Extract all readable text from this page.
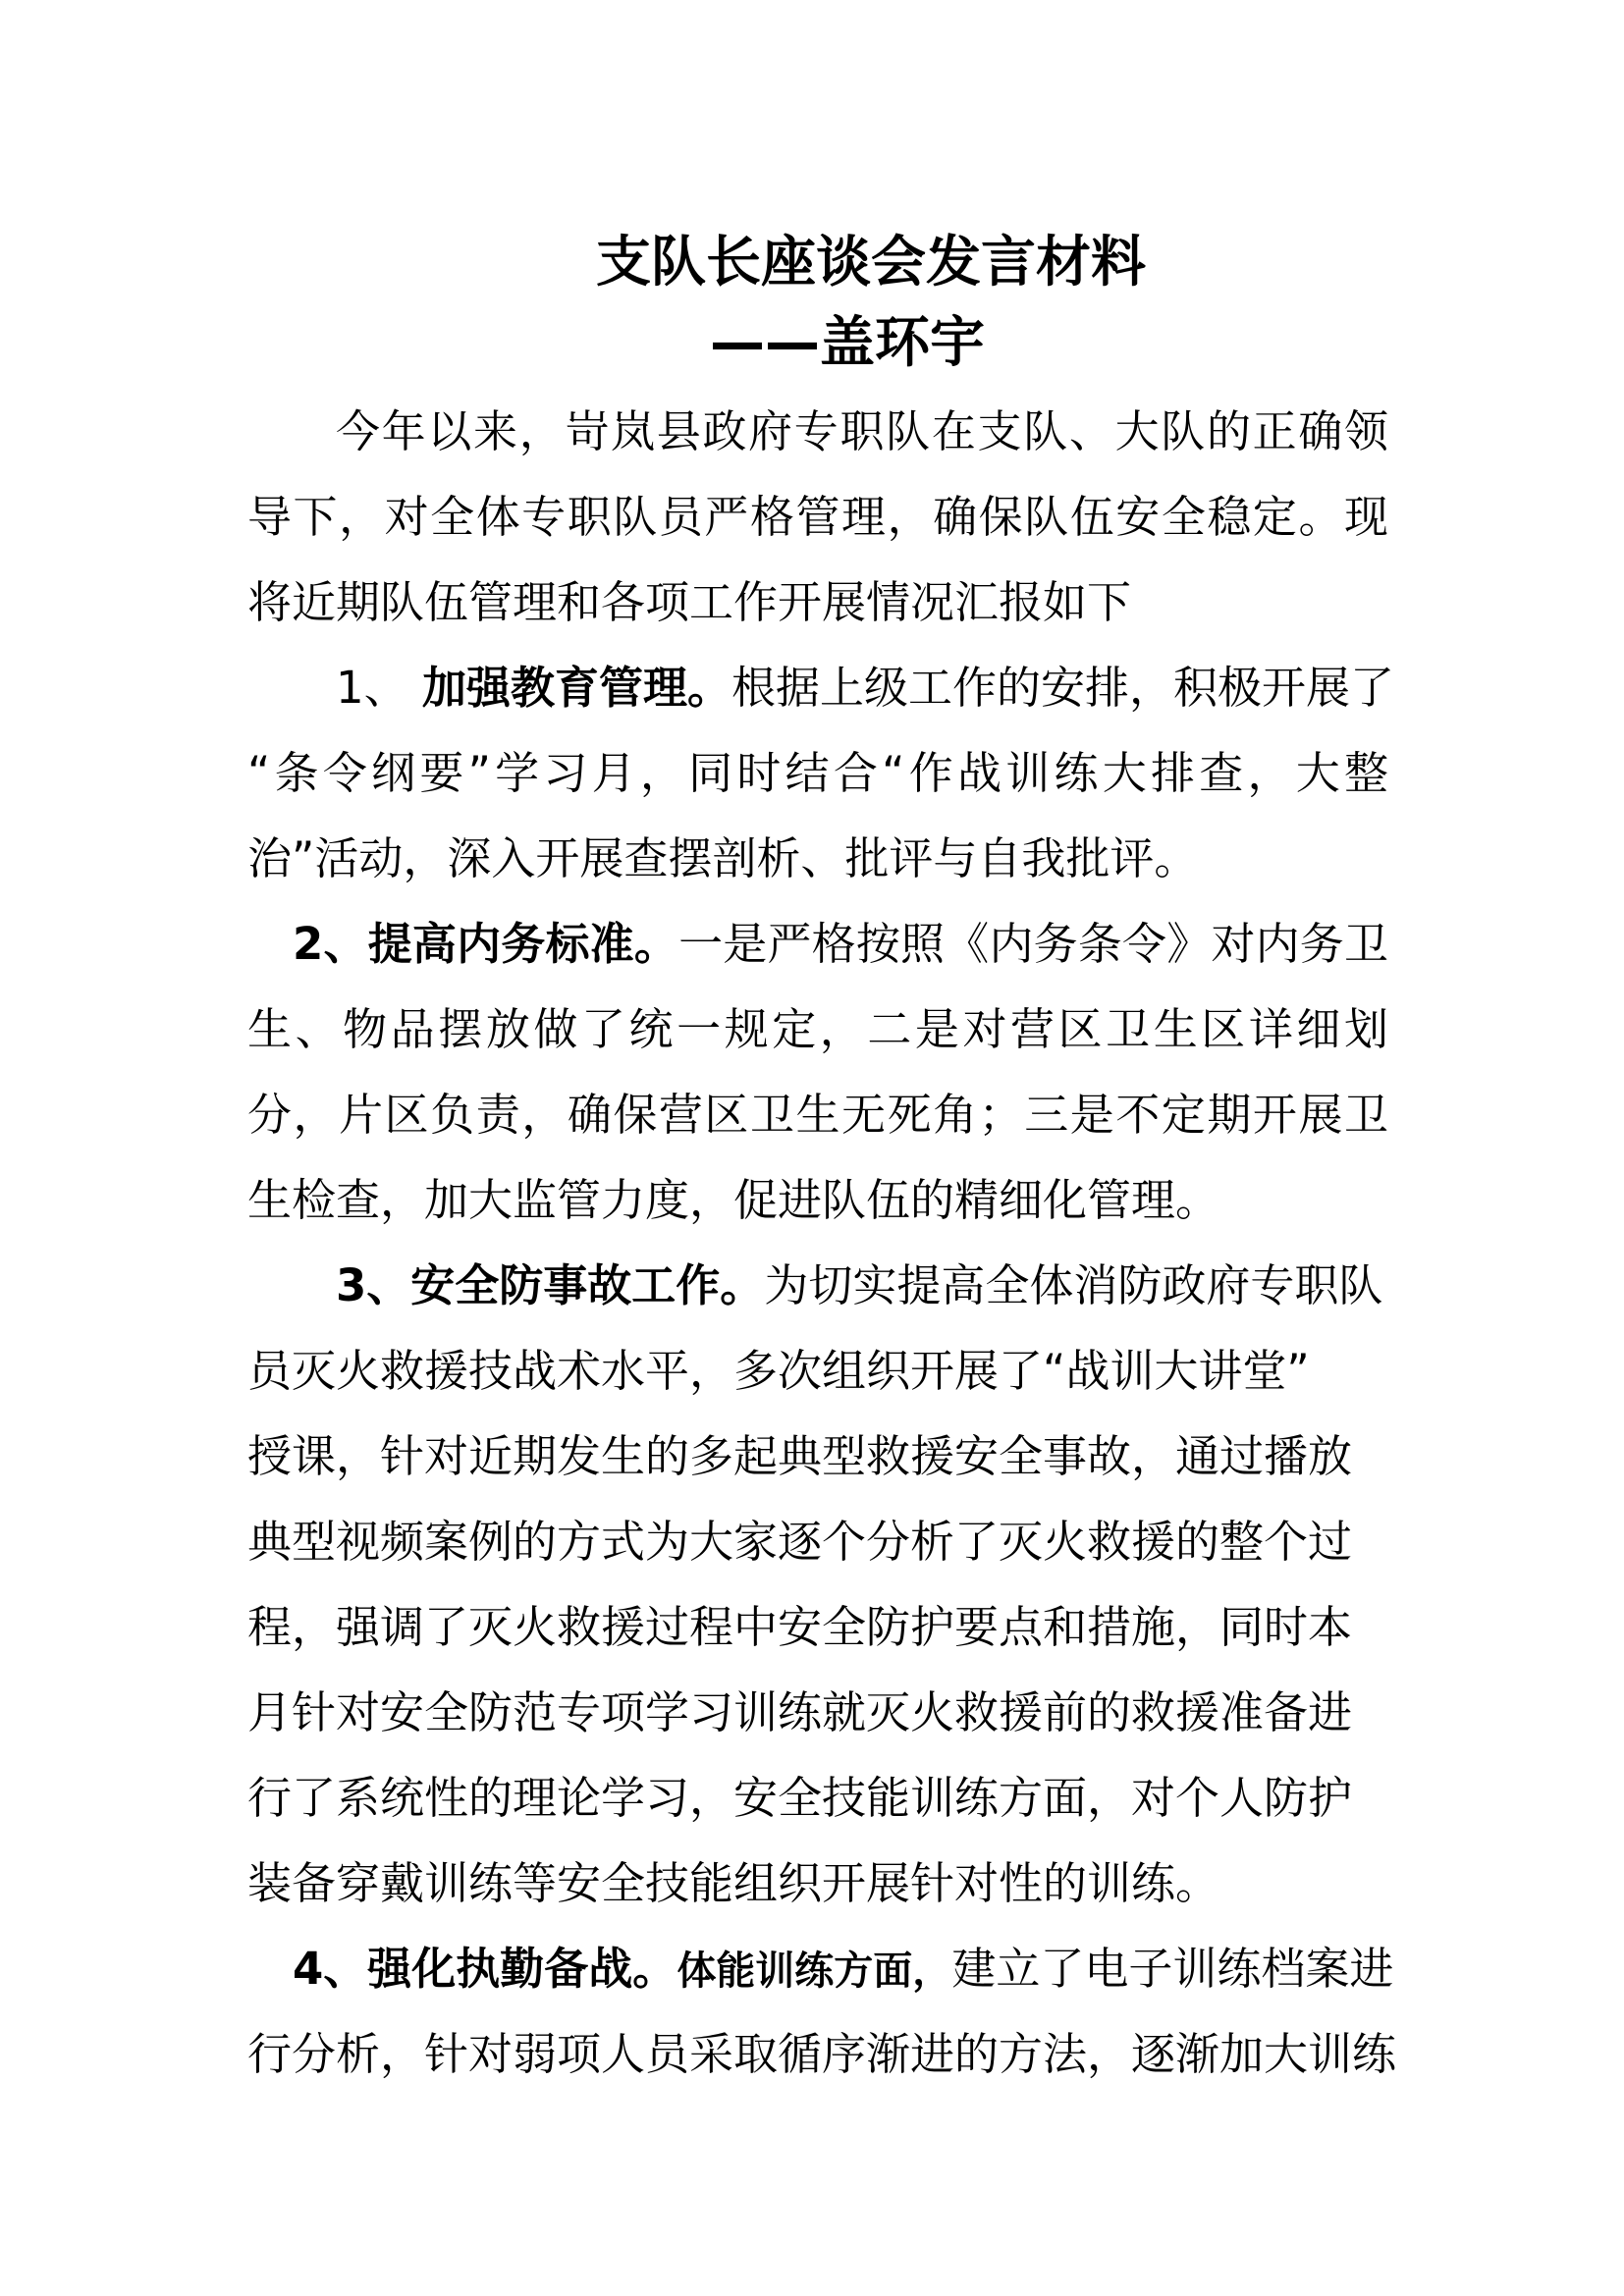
支队长座谈会发言材料
——盖环宇
今年以来，岢岚县政府专职队在支队、大队的正确领
导下，对全体专职队员严格管理，确保队伍安全稳定。现
将近期队伍管理和各项工作开展情况汇报如下
1、 加强教育管理。根据上级工作的安排，积极开展了
“条令纲要”学习月，同时结合“作战训练大排查，大整
治”活动，深入开展查摆剖析、批评与自我批评。
2、提高内务标准。一是严格按照《内务条令》对内务卫
生、物品摆放做了统一规定，二是对营区卫生区详细划
分，片区负责，确保营区卫生无死角；三是不定期开展卫
生检查，加大监管力度，促进队伍的精细化管理。
3、安全防事故工作。为切实提高全体消防政府专职队
员灭火救援技战术水平，多次组织开展了“战训大讲堂”
授课，针对近期发生的多起典型救援安全事故，通过播放
典型视频案例的方式为大家逐个分析了灭火救援的整个过
程，强调了灭火救援过程中安全防护要点和措施，同时本
月针对安全防范专项学习训练就灭火救援前的救援准备进
行了系统性的理论学习，安全技能训练方面，对个人防护
装备穿戴训练等安全技能组织开展针对性的训练。
4、强化执勤备战。体能训练方面，建立了电子训练档案进
行分析，针对弱项人员采取循序渐进的方法，逐渐加大训练
